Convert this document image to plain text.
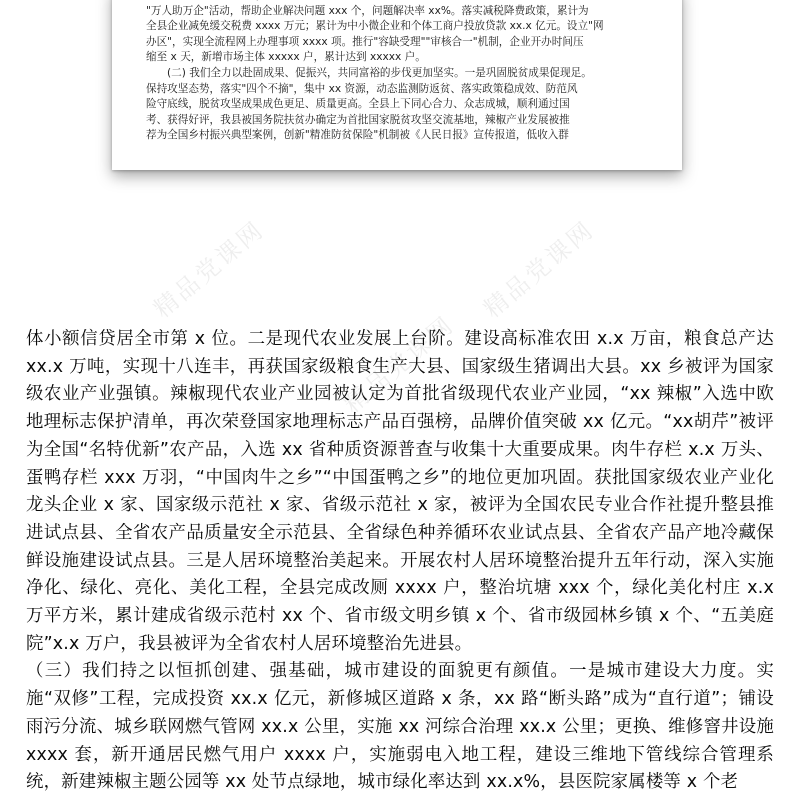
"万人助万企"活动，帮助企业解决问题 xxx 个，问题解决率 xx%。落实减税降费政策，累计为

全县企业减免缓交税费 xxxx 万元；累计为中小微企业和个体工商户投放贷款 xx.x 亿元。设立"网

办区"，实现全流程网上办理事项 xxxx 项。推行"容缺受理""审核合一"机制，企业开办时间压

缩至 x 天，新增市场主体 xxxxx 户，累计达到 xxxxx 户。

(二) 我们全力以赴固成果、促振兴，共同富裕的步伐更加坚实。一是巩固脱贫成果促现足。

保持攻坚态势，落实"四个不摘"，集中 xx 资源，动态监测防返贫、落实政策稳成效、防范风

险守底线，脱贫攻坚成果成色更足、质量更高。全县上下同心合力、众志成城，顺利通过国

考、获得好评，我县被国务院扶贫办确定为首批国家脱贫攻坚交流基地，辣椒产业发展被推

荐为全国乡村振兴典型案例，创新"精准防贫保险"机制被《人民日报》宣传报道，低收入群

精品党课网	精品党课网
精品党课网

体小额信贷居全市第 x 位。二是现代农业发展上台阶。建设高标准农田 x.x 万亩，粮食总产达 xx.x 万吨，实现十八连丰，再获国家级粮食生产大县、国家级生猪调出大县。xx 乡被评为国家级农业产业强镇。辣椒现代农业产业园被认定为首批省级现代农业产业园，“xx 辣椒”入选中欧地理标志保护清单，再次荣登国家地理标志产品百强榜，品牌价值突破 xx 亿元。“xx胡芹”被评为全国“名特优新”农产品，入选 xx 省种质资源普查与收集十大重要成果。肉牛存栏 x.x 万头、蛋鸭存栏 xxx 万羽，“中国肉牛之乡”“中国蛋鸭之乡”的地位更加巩固。获批国家级农业产业化龙头企业 x 家、国家级示范社 x 家、省级示范社 x 家，被评为全国农民专业合作社提升整县推进试点县、全省农产品质量安全示范县、全省绿色种养循环农业试点县、全省农产品产地冷藏保鲜设施建设试点县。三是人居环境整治美起来。开展农村人居环境整治提升五年行动，深入实施净化、绿化、亮化、美化工程，全县完成改厕 xxxx 户，整治坑塘 xxx 个，绿化美化村庄 x.x 万平方米，累计建成省级示范村 xx 个、省市级文明乡镇 x 个、省市级园林乡镇 x 个、“五美庭院”x.x 万户，我县被评为全省农村人居环境整治先进县。

（三）我们持之以恒抓创建、强基础，城市建设的面貌更有颜值。一是城市建设大力度。实施“双修”工程，完成投资 xx.x 亿元，新修城区道路 x 条，xx 路“断头路”成为“直行道”；铺设雨污分流、城乡联网燃气管网 xx.x 公里，实施 xx 河综合治理 xx.x 公里；更换、维修窨井设施 xxxx 套，新开通居民燃气用户 xxxx 户，实施弱电入地工程，建设三维地下管线综合管理系统，新建辣椒主题公园等 xx 处节点绿地，城市绿化率达到 xx.x%，县医院家属楼等 x 个老
